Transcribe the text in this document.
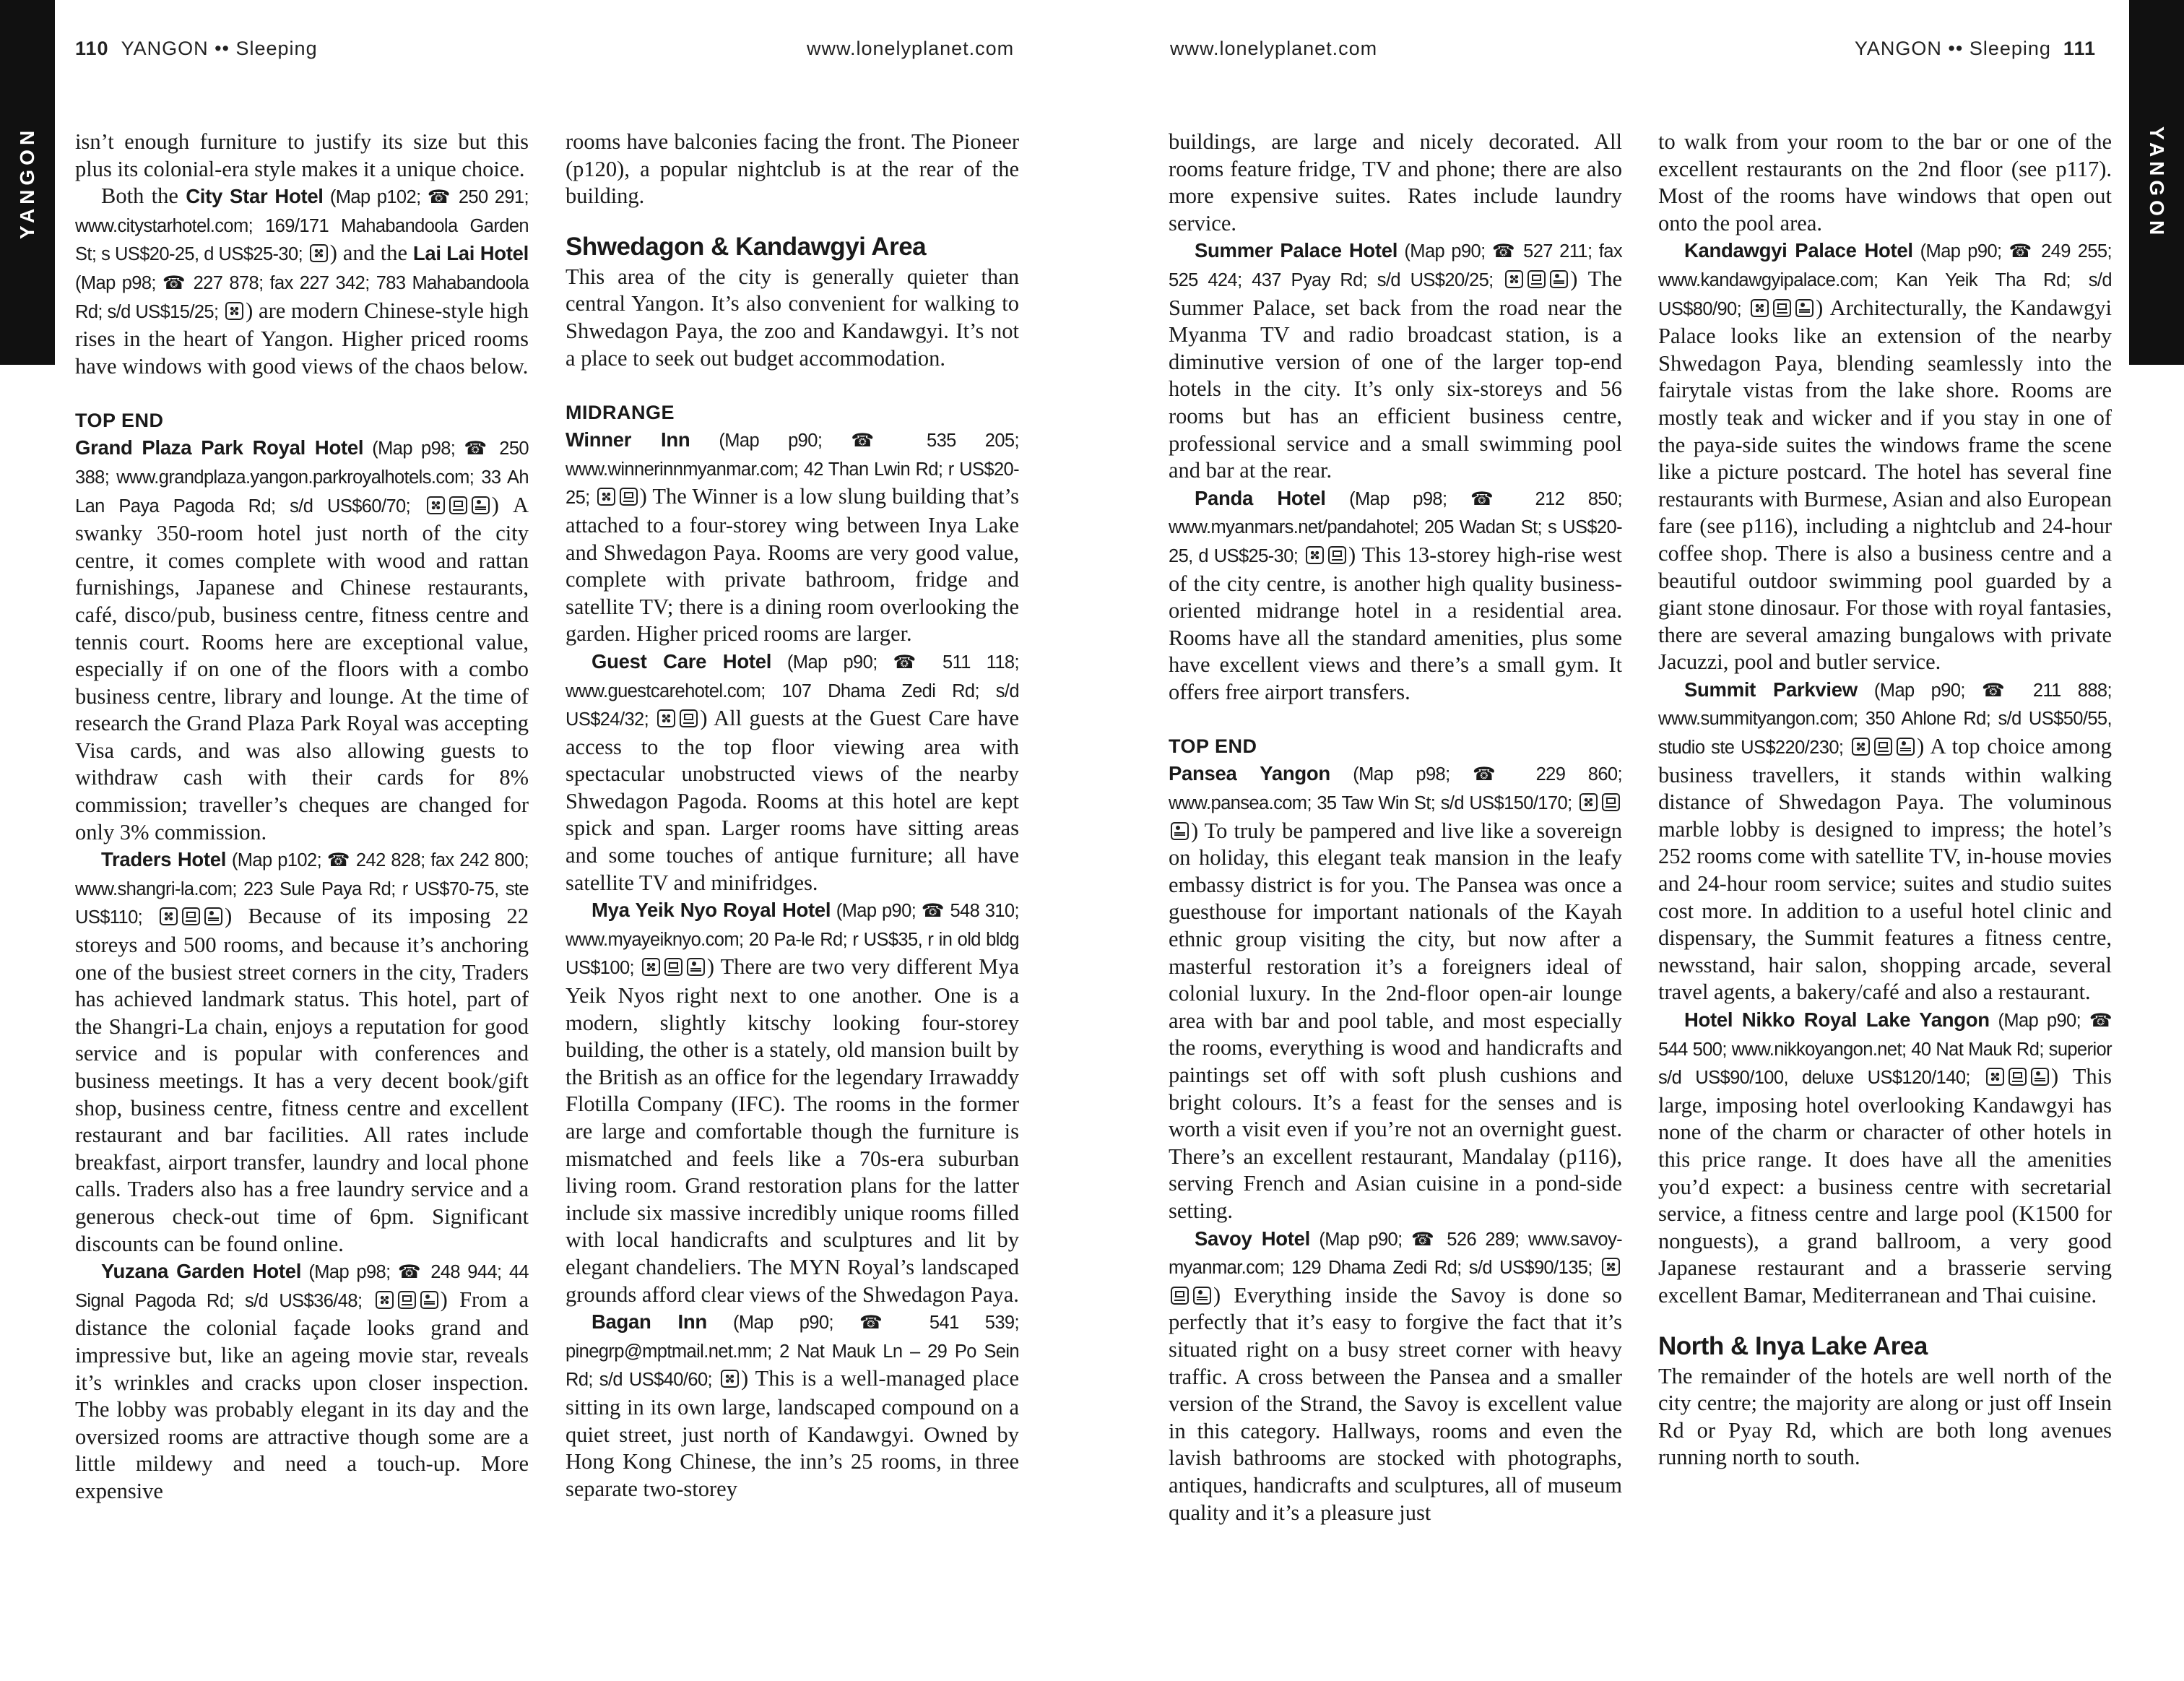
YANGON
110 YANGON •• Sleeping	www.lonelyplanet.com

isn’t enough furniture to justify its size but this plus its colonial-era style makes it a unique choice.

Both the City Star Hotel (Map p102; ☎ 250 291; www.citystarhotel.com; 169/171 Mahabandoola Garden St; s US$20-25, d US$25-30; ) and the Lai Lai Hotel (Map p98; ☎ 227 878; fax 227 342; 783 Mahabandoola Rd; s/d US$15/25; ) are modern Chinese-style high rises in the heart of Yangon. Higher priced rooms have windows with good views of the chaos below.

TOP END

Grand Plaza Park Royal Hotel (Map p98; ☎ 250 388; www.grandplaza.yangon.parkroyalhotels.com; 33 Ah Lan Paya Pagoda Rd; s/d US$60/70;	) A swanky 350-room hotel just north of the city centre, it comes complete with wood and rattan furnishings, Japanese and Chinese restaurants, café, disco/pub, business centre, fitness centre and tennis court. Rooms here are exceptional value, especially if on one of the floors with a combo business centre, library and lounge. At the time of research the Grand Plaza Park Royal was accepting Visa cards, and was also allowing guests to withdraw cash with their cards for 8% commission; traveller’s cheques are changed for only 3% commission.

Traders Hotel (Map p102; ☎ 242 828; fax 242 800; www.shangri-la.com; 223 Sule Paya Rd; r US$70-75, ste US$110;	) Because of its imposing 22 storeys and 500 rooms, and because it’s anchoring one of the busiest street corners in the city, Traders has achieved landmark status. This hotel, part of the Shangri-La chain, enjoys a reputation for good service and is popular with conferences and business meetings. It has a very decent book/gift shop, business centre, fitness centre and excellent restaurant and bar facilities. All rates include breakfast, airport transfer, laundry and local phone calls. Traders also has a free laundry service and a generous check-out time of 6pm. Significant discounts can be found online.

Yuzana Garden Hotel (Map p98; ☎ 248 944; 44 Signal Pagoda Rd; s/d US$36/48;	) From a distance the colonial façade looks grand and impressive but, like an ageing movie star, reveals it’s wrinkles and cracks upon closer inspection. The lobby was probably elegant in its day and the oversized rooms are attractive though some are a little mildewy and need a touch-up. More expensive

rooms have balconies facing the front. The Pioneer (p120), a popular nightclub is at the rear of the building.

Shwedagon & Kandawgyi Area

This area of the city is generally quieter than central Yangon. It’s also convenient for walking to Shwedagon Paya, the zoo and Kandawgyi. It’s not a place to seek out budget accommodation.

MIDRANGE

Winner Inn (Map p90; ☎ 535 205; www.winnerinnmyanmar.com; 42 Than Lwin Rd; r US$20-25; ) The Winner is a low slung building that’s attached to a four-storey wing between Inya Lake and Shwedagon Paya. Rooms are very good value, complete with private bathroom, fridge and satellite TV; there is a dining room overlooking the garden. Higher priced rooms are larger.

Guest Care Hotel (Map p90; ☎ 511 118; www.guestcarehotel.com; 107 Dhama Zedi Rd; s/d US$24/32; ) All guests at the Guest Care have access to the top floor viewing area with spectacular unobstructed views of the nearby Shwedagon Pagoda. Rooms at this hotel are kept spick and span. Larger rooms have sitting areas and some touches of antique furniture; all have satellite TV and minifridges.

Mya Yeik Nyo Royal Hotel (Map p90; ☎ 548 310; www.myayeiknyo.com; 20 Pa-le Rd; r US$35, r in old bldg US$100;	) There are two very different Mya Yeik Nyos right next to one another. One is a modern, slightly kitschy looking four-storey building, the other is a stately, old mansion built by the British as an office for the legendary Irrawaddy Flotilla Company (IFC). The rooms in the former are large and comfortable though the furniture is mismatched and feels like a 70s-era suburban living room. Grand restoration plans for the latter include six massive incredibly unique rooms filled with local handicrafts and sculptures and lit by elegant chandeliers. The MYN Royal’s landscaped grounds afford clear views of the Shwedagon Paya.

Bagan Inn (Map p90; ☎ 541 539; pinegrp@mptmail.net.mm; 2 Nat Mauk Ln – 29 Po Sein Rd; s/d US$40/60; ) This is a well-managed place sitting in its own large, landscaped compound on a quiet street, just north of Kandawgyi. Owned by Hong Kong Chinese, the inn’s 25 rooms, in three separate two-storey

YANGON
www.lonelyplanet.com	YANGON •• Sleeping 111

buildings, are large and nicely decorated. All rooms feature fridge, TV and phone; there are also more expensive suites. Rates include laundry service.

Summer Palace Hotel (Map p90; ☎ 527 211; fax 525 424; 437 Pyay Rd; s/d US$20/25;	) The Summer Palace, set back from the road near the Myanma TV and radio broadcast station, is a diminutive version of one of the larger top-end hotels in the city. It’s only six-storeys and 56 rooms but has an efficient business centre, professional service and a small swimming pool and bar at the rear.

Panda Hotel (Map p98; ☎ 212 850; www.myanmars.net/pandahotel; 205 Wadan St; s US$20-25, d US$25-30; ) This 13-storey high-rise west of the city centre, is another high quality business-oriented midrange hotel in a residential area. Rooms have all the standard amenities, plus some have excellent views and there’s a small gym. It offers free airport transfers.

TOP END

Pansea Yangon (Map p98; ☎ 229 860; www.pansea.com; 35 Taw Win St; s/d US$150/170; ) To truly be pampered and live like a sovereign on holiday, this elegant teak mansion in the leafy embassy district is for you. The Pansea was once a guesthouse for important nationals of the Kayah ethnic group visiting the city, but now after a masterful restoration it’s a foreigners ideal of colonial luxury. In the 2nd-floor open-air lounge area with bar and pool table, and most especially the rooms, everything is wood and handicrafts and paintings set off with soft plush cushions and bright colours. It’s a feast for the senses and is worth a visit even if you’re not an overnight guest. There’s an excellent restaurant, Mandalay (p116), serving French and Asian cuisine in a pond-side setting.

Savoy Hotel (Map p90; ☎ 526 289; www.savoy-myanmar.com; 129 Dhama Zedi Rd; s/d US$90/135; ) Everything inside the Savoy is done so perfectly that it’s easy to forgive the fact that it’s situated right on a busy street corner with heavy traffic. A cross between the Pansea and a smaller version of the Strand, the Savoy is excellent value in this category. Hallways, rooms and even the lavish bathrooms are stocked with photographs, antiques, handicrafts and sculptures, all of museum quality and it’s a pleasure just

to walk from your room to the bar or one of the excellent restaurants on the 2nd floor (see p117). Most of the rooms have windows that open out onto the pool area.

Kandawgyi Palace Hotel (Map p90; ☎ 249 255; www.kandawgyipalace.com; Kan Yeik Tha Rd; s/d US$80/90;	) Architecturally, the Kandawgyi Palace looks like an extension of the nearby Shwedagon Paya, blending seamlessly into the fairytale vistas from the lake shore. Rooms are mostly teak and wicker and if you stay in one of the paya-side suites the windows frame the scene like a picture postcard. The hotel has several fine restaurants with Burmese, Asian and also European fare (see p116), including a nightclub and 24-hour coffee shop. There is also a business centre and a beautiful outdoor swimming pool guarded by a giant stone dinosaur. For those with royal fantasies, there are several amazing bungalows with private Jacuzzi, pool and butler service.

Summit Parkview (Map p90; ☎ 211 888; www.summityangon.com; 350 Ahlone Rd; s/d US$50/55, studio ste US$220/230;	) A top choice among business travellers, it stands within walking distance of Shwedagon Paya. The voluminous marble lobby is designed to impress; the hotel’s 252 rooms come with satellite TV, in-house movies and 24-hour room service; suites and studio suites cost more. In addition to a useful hotel clinic and dispensary, the Summit features a fitness centre, newsstand, hair salon, shopping arcade, several travel agents, a bakery/café and also a restaurant.

Hotel Nikko Royal Lake Yangon (Map p90; ☎ 544 500; www.nikkoyangon.net; 40 Nat Mauk Rd; superior s/d US$90/100, deluxe US$120/140;	) This large, imposing hotel overlooking Kandawgyi has none of the charm or character of other hotels in this price range. It does have all the amenities you’d expect: a business centre with secretarial service, a fitness centre and large pool (K1500 for nonguests), a grand ballroom, a very good Japanese restaurant and a brasserie serving excellent Bamar, Mediterranean and Thai cuisine.

North & Inya Lake Area

The remainder of the hotels are well north of the city centre; the majority are along or just off Insein Rd or Pyay Rd, which are both long avenues running north to south.
